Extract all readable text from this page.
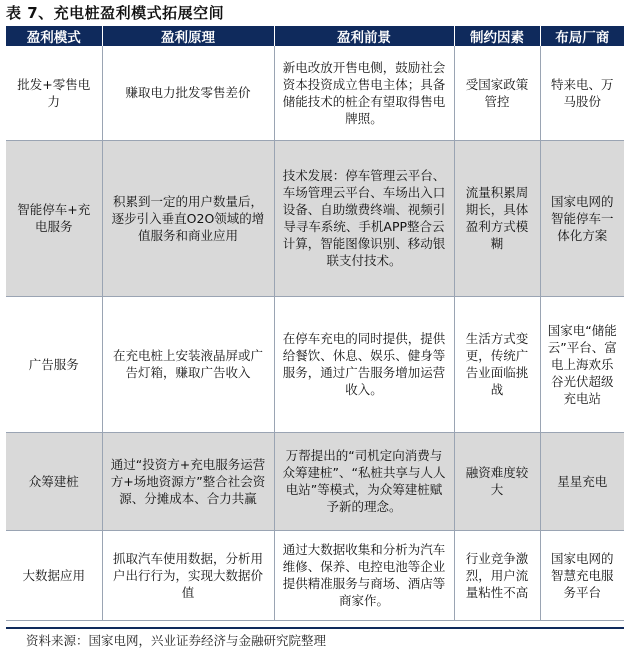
表 7、充电桩盈利模式拓展空间
盈利模式	盈利原理	盈利前景	制约因素	布局厂商
批发+零售电力	赚取电力批发零售差价	新电改放开售电侧，鼓励社会资本投资成立售电主体；具备储能技术的桩企有望取得售电牌照。	受国家政策管控	特来电、万马股份
智能停车+充电服务	积累到一定的用户数量后，逐步引入垂直O2O领域的增值服务和商业应用	技术发展：停车管理云平台、车场管理云平台、车场出入口设备、自助缴费终端、视频引导寻车系统、手机APP整合云计算，智能图像识别、移动银联支付技术。	流量积累周期长，具体盈利方式模糊	国家电网的智能停车一体化方案
广告服务	在充电桩上安装液晶屏或广告灯箱，赚取广告收入	在停车充电的同时提供，提供给餐饮、休息、娱乐、健身等服务，通过广告服务增加运营收入。	生活方式变更，传统广告业面临挑战	国家电“储能云”平台、富电上海欢乐谷光伏超级充电站
众筹建桩	通过“投资方+充电服务运营方+场地资源方”整合社会资源、分摊成本、合力共赢	万帮提出的“司机定向消费与众筹建桩”、“私桩共享与人人电站”等模式，为众筹建桩赋予新的理念。	融资难度较大	星星充电
大数据应用	抓取汽车使用数据，分析用户出行行为，实现大数据价值	通过大数据收集和分析为汽车维修、保养、电控电池等企业提供精准服务与商场、酒店等商家作。	行业竞争激烈，用户流量粘性不高	国家电网的智慧充电服务平台
资料来源：国家电网，兴业证券经济与金融研究院整理
